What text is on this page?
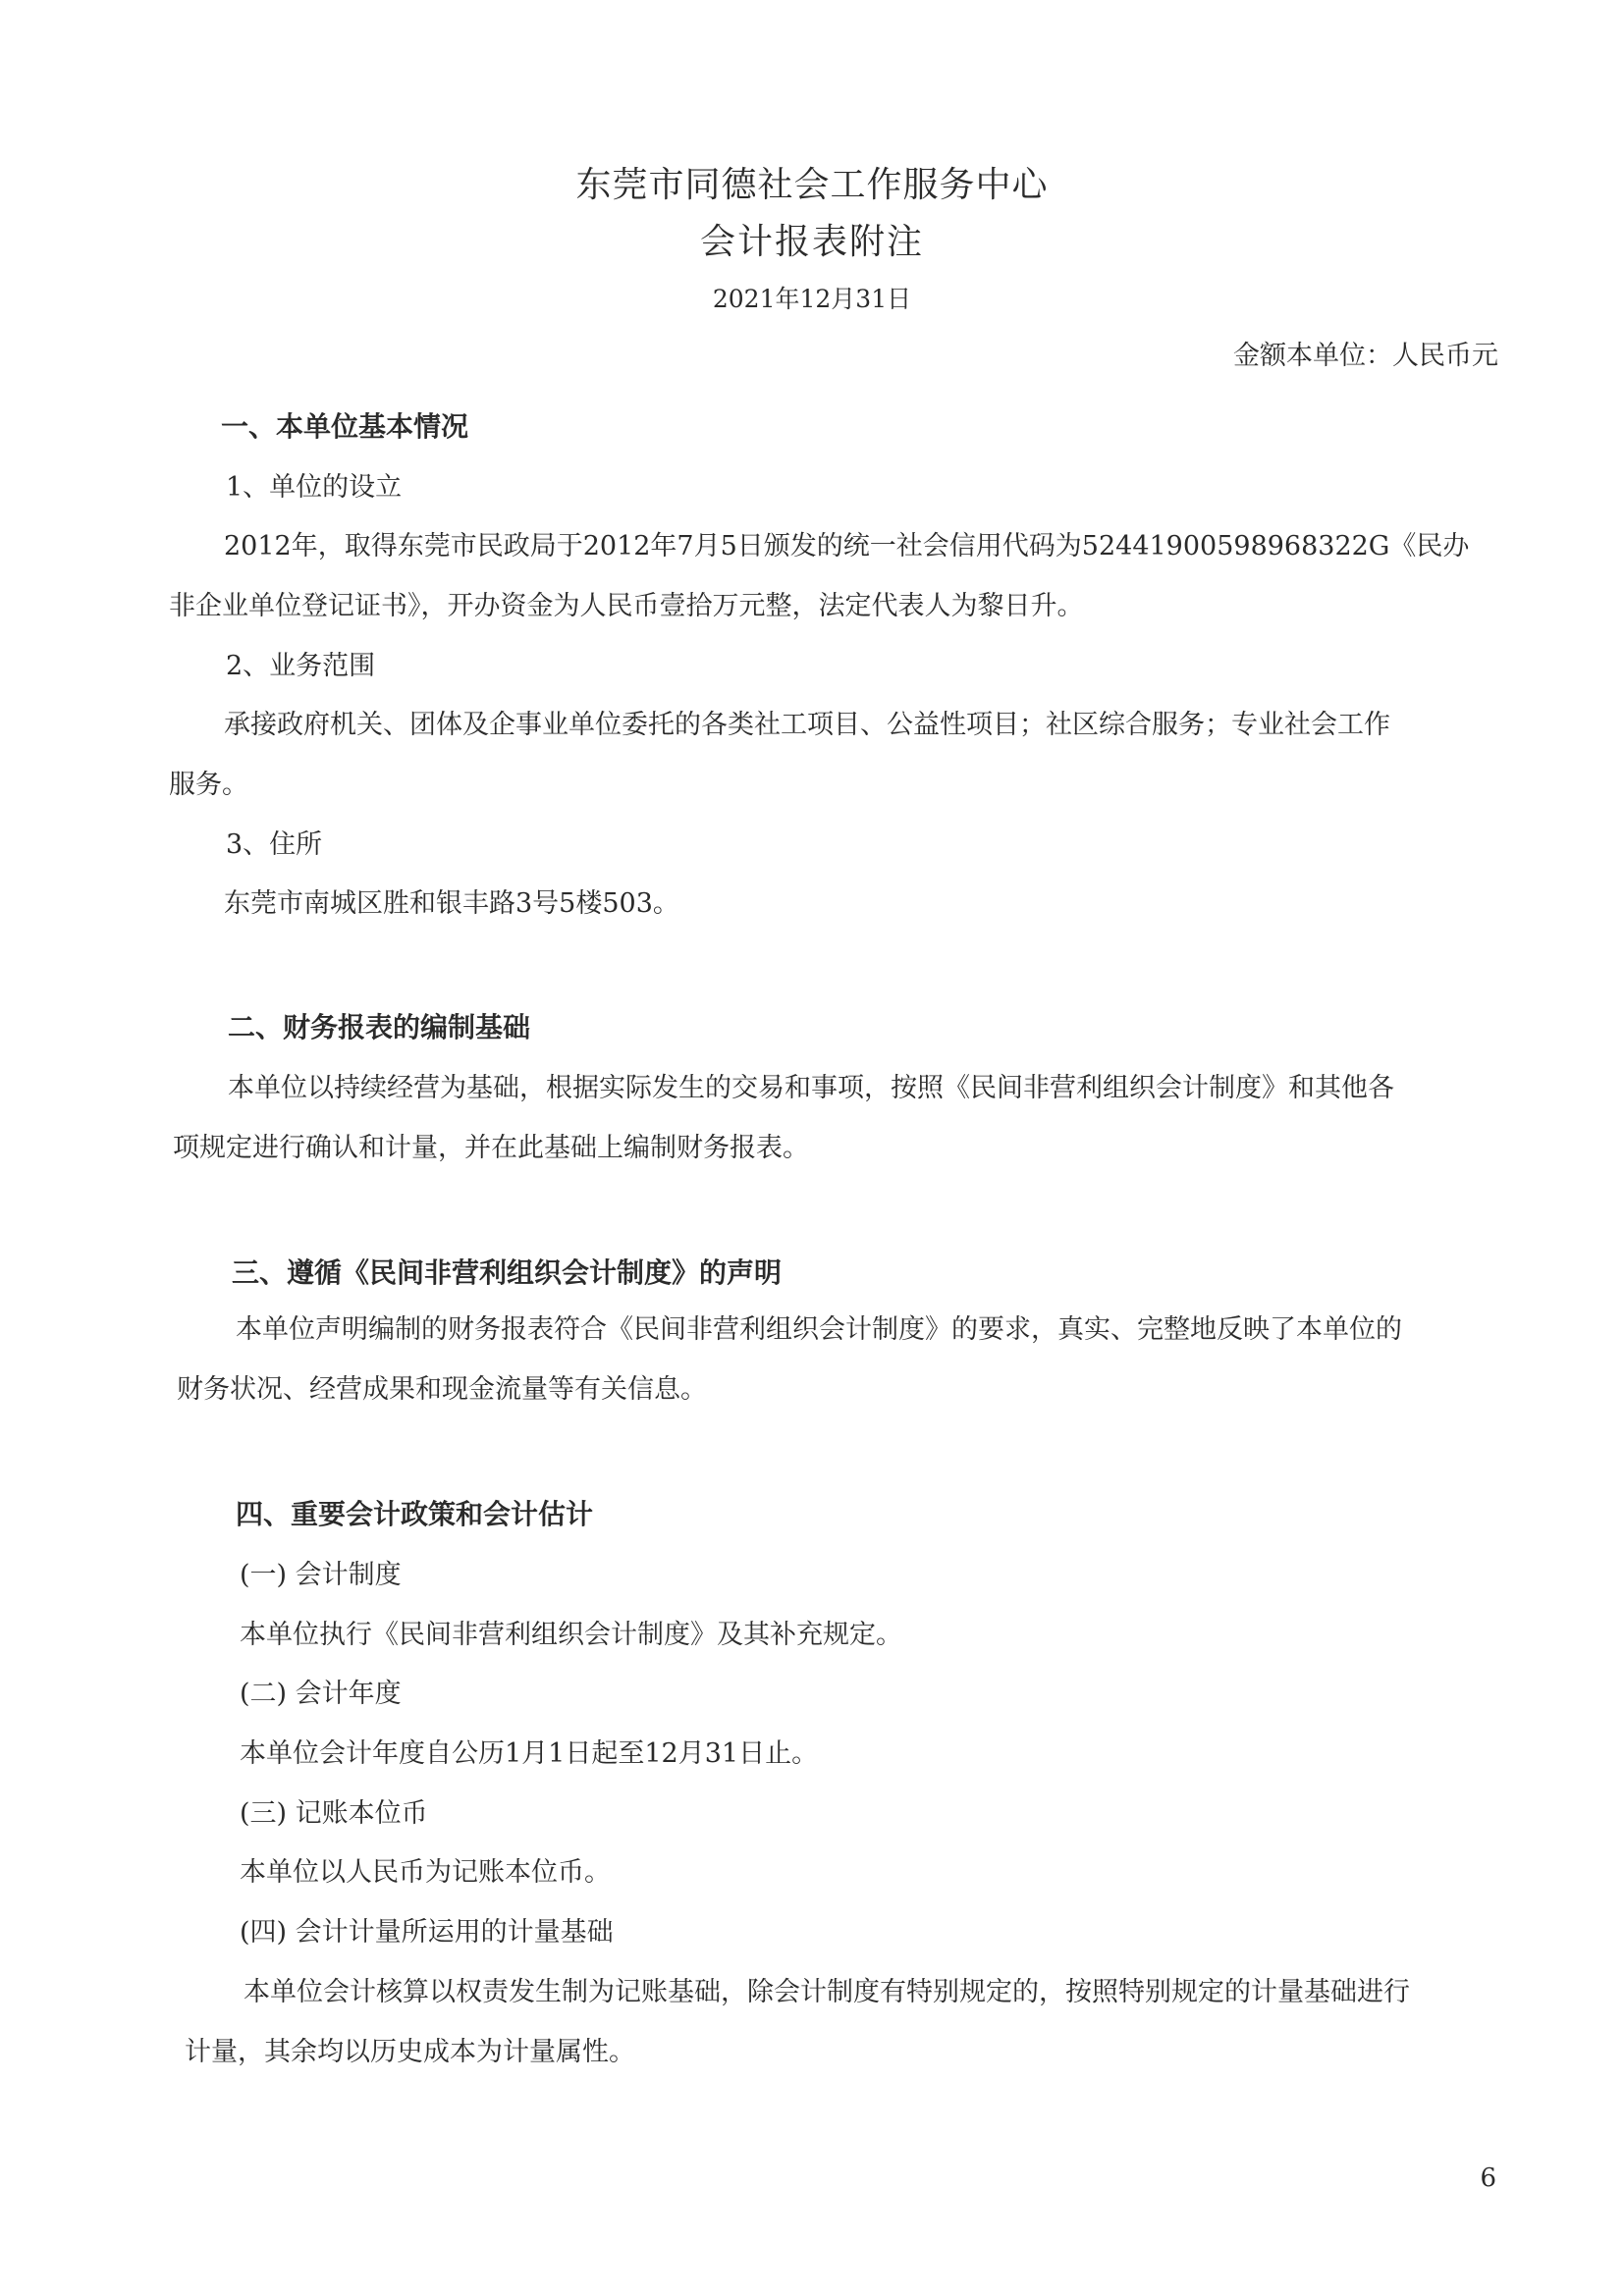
东莞市同德社会工作服务中心
会计报表附注
2021年12月31日
金额本单位：人民币元
一、本单位基本情况
1、单位的设立
2012年，取得东莞市民政局于2012年7月5日颁发的统一社会信用代码为52441900598968322G《民办
非企业单位登记证书》，开办资金为人民币壹拾万元整，法定代表人为黎日升。
2、业务范围
承接政府机关、团体及企事业单位委托的各类社工项目、公益性项目；社区综合服务；专业社会工作
服务。
3、住所
东莞市南城区胜和银丰路3号5楼503。
二、财务报表的编制基础
本单位以持续经营为基础，根据实际发生的交易和事项，按照《民间非营利组织会计制度》和其他各
项规定进行确认和计量，并在此基础上编制财务报表。
三、遵循《民间非营利组织会计制度》的声明
本单位声明编制的财务报表符合《民间非营利组织会计制度》的要求，真实、完整地反映了本单位的
财务状况、经营成果和现金流量等有关信息。
四、重要会计政策和会计估计
(一) 会计制度
本单位执行《民间非营利组织会计制度》及其补充规定。
(二) 会计年度
本单位会计年度自公历1月1日起至12月31日止。
(三) 记账本位币
本单位以人民币为记账本位币。
(四) 会计计量所运用的计量基础
本单位会计核算以权责发生制为记账基础，除会计制度有特别规定的，按照特别规定的计量基础进行
计量，其余均以历史成本为计量属性。
6
